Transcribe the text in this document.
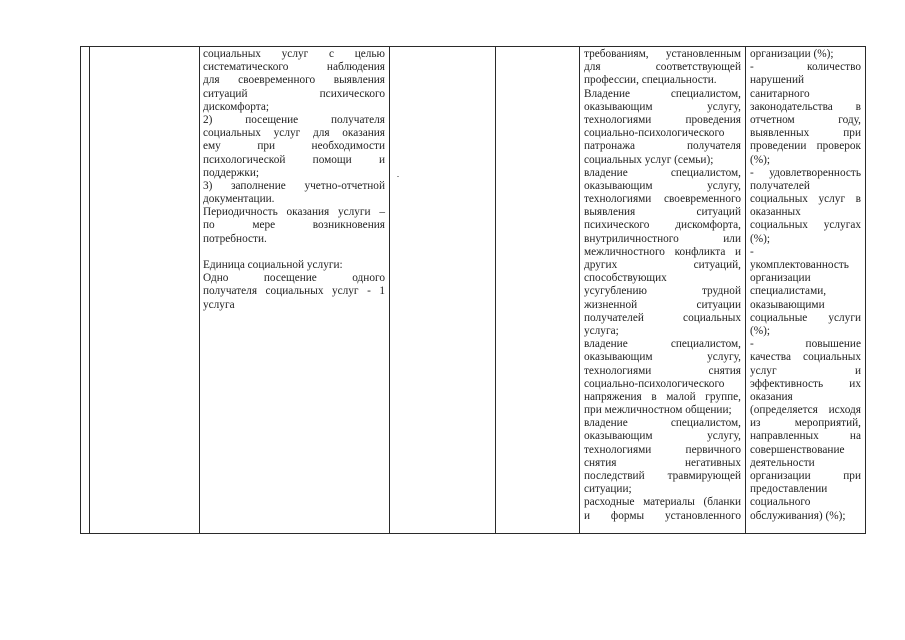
социальных услуг с целью
систематического наблюдения
для своевременного выявления
ситуаций психического
дискомфорта;
2) посещение получателя
социальных услуг для оказания
ему при необходимости
психологической помощи и
поддержки;
3) заполнение учетно-отчетной
документации.
Периодичность оказания услуги –
по мере возникновения
потребности.
Единица социальной услуги:
Одно посещение одного
получателя социальных услуг - 1
услуга
требованиям, установленным
для соответствующей
профессии, специальности.
Владение специалистом,
оказывающим услугу,
технологиями проведения
социально-психологического
патронажа получателя
социальных услуг (семьи);
владение специалистом,
оказывающим услугу,
технологиями своевременного
выявления ситуаций
психического дискомфорта,
внутриличностного или
межличностного конфликта и
других ситуаций,
способствующих
усугублению трудной
жизненной ситуации
получателей социальных
услуга;
владение специалистом,
оказывающим услугу,
технологиями снятия
социально-психологического
напряжения в малой группе,
при межличностном общении;
владение специалистом,
оказывающим услугу,
технологиями первичного
снятия негативных
последствий травмирующей
ситуации;
расходные материалы (бланки
и формы установленного
организации (%);
- количество
нарушений
санитарного
законодательства в
отчетном году,
выявленных при
проведении проверок
(%);
- удовлетворенность
получателей
социальных услуг в
оказанных
социальных услугах
(%);
-
укомплектованность
организации
специалистами,
оказывающими
социальные услуги
(%);
- повышение
качества социальных
услуг и
эффективность их
оказания
(определяется исходя
из мероприятий,
направленных на
совершенствование
деятельности
организации при
предоставлении
социального
обслуживания) (%);
